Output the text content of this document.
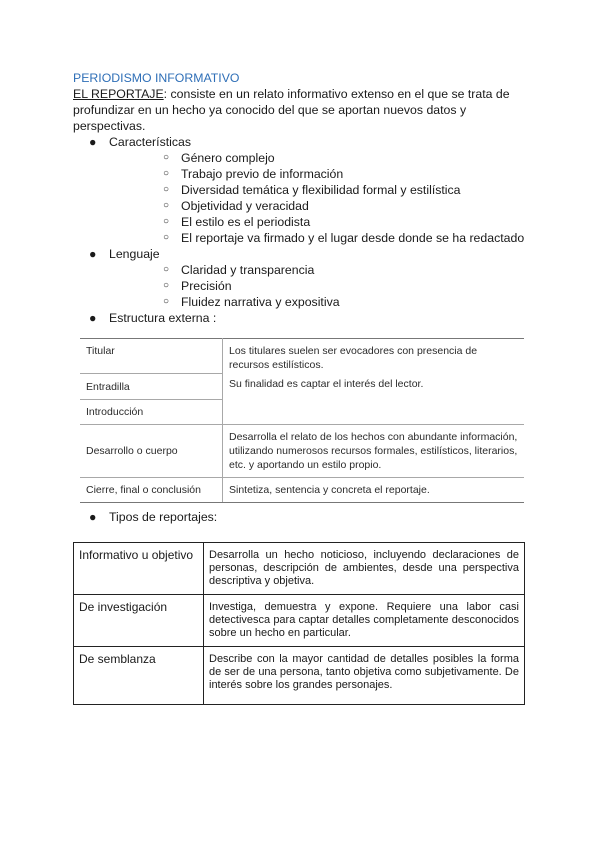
PERIODISMO INFORMATIVO
EL REPORTAJE: consiste en un relato informativo extenso en el que se trata de profundizar en un hecho ya conocido del que se aportan nuevos datos y perspectivas.
● Características
○ Género complejo
○ Trabajo previo de información
○ Diversidad temática y flexibilidad formal y estilística
○ Objetividad y veracidad
○ El estilo es el periodista
○ El reportaje va firmado y el lugar desde donde se ha redactado
● Lenguaje
○ Claridad y transparencia
○ Precisión
○ Fluidez narrativa y expositiva
● Estructura externa :
Titular	Los titulares suelen ser evocadores con presencia de recursos estilísticos.
Su finalidad es captar el interés del lector.

Entradilla	
Introducción	
Desarrollo o cuerpo	Desarrolla el relato de los hechos con abundante información, utilizando numerosos recursos formales, estilísticos, literarios, etc. y aportando un estilo propio.
Cierre, final o conclusión	Sintetiza, sentencia y concreta el reportaje.
● Tipos de reportajes:
Informativo u objetivo	Desarrolla un hecho noticioso, incluyendo declaraciones de personas, descripción de ambientes, desde una perspectiva descriptiva y objetiva.
De investigación	Investiga, demuestra y expone. Requiere una labor casi detectivesca para captar detalles completamente desconocidos sobre un hecho en particular.
De semblanza	Describe con la mayor cantidad de detalles posibles la forma de ser de una persona, tanto objetiva como subjetivamente. De interés sobre los grandes personajes.
